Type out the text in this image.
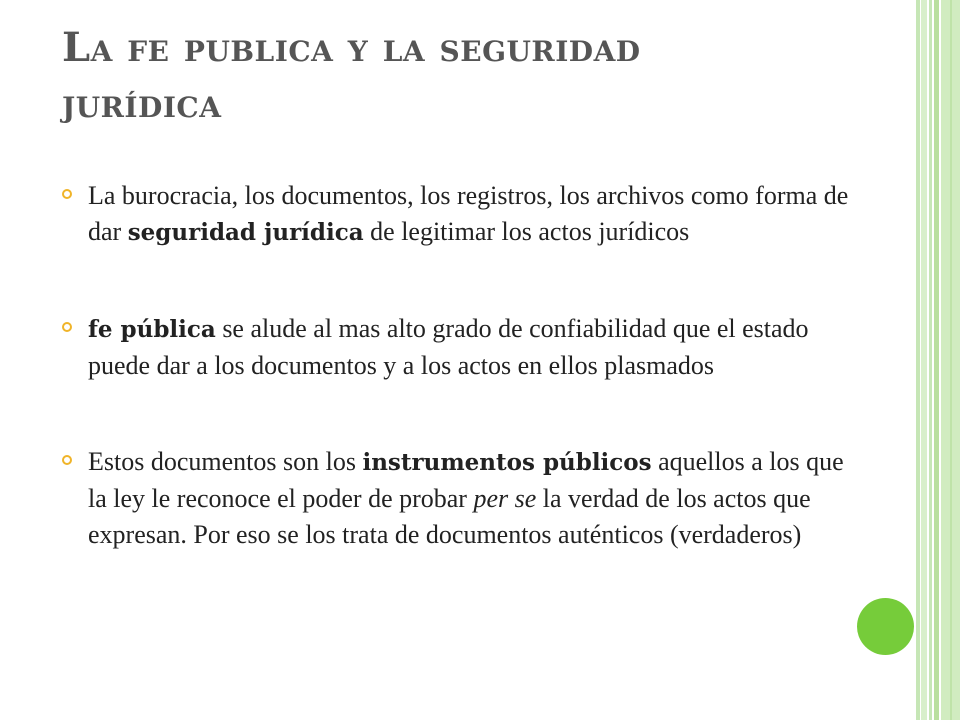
La fe publica y la seguridad
jurídica
La burocracia, los documentos, los registros, los archivos como forma de dar seguridad jurídica de legitimar los actos jurídicos
fe pública se alude al mas alto grado de confiabilidad que el estado puede dar a los documentos y a los actos en ellos plasmados
Estos documentos son los instrumentos públicos aquellos a los que la ley le reconoce el poder de probar per se la verdad de los actos que expresan. Por eso se los trata de documentos auténticos (verdaderos)
